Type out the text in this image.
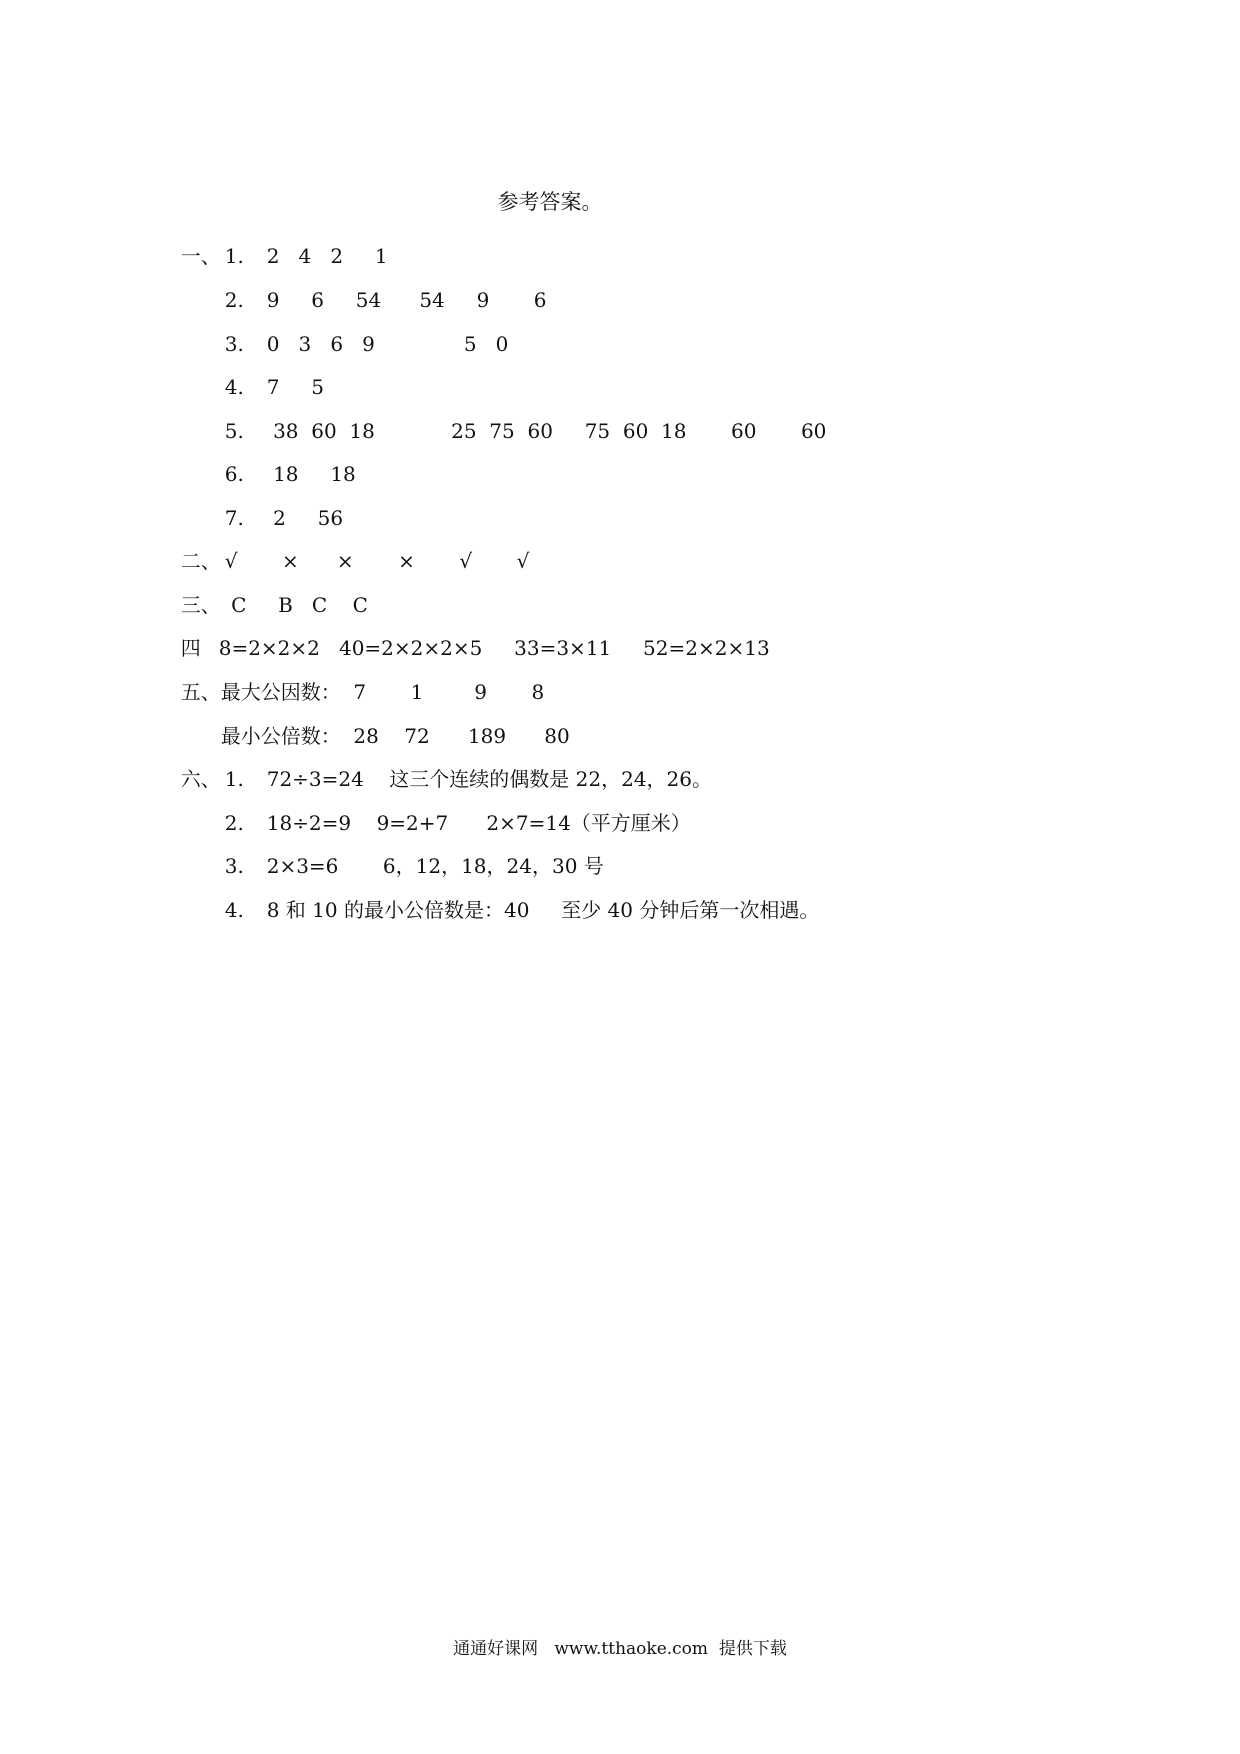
参考答案。

一、 1. 2   4   2     1

2. 9     6     54      54     9       6

3. 0   3   6   9              5   0

4. 7     5

5. 38  60  18            25  75  60     75  60  18       60       60

6. 18     18

7. 2     56

二、 √       ×      ×       ×       √       √

三、 C     B   C    C

四 8=2×2×2   40=2×2×2×5     33=3×11     52=2×2×13

五、最大公因数：  7       1        9       8

最小公倍数：  28    72      189      80

六、 1. 72÷3=24    这三个连续的偶数是 22，24，26。

2. 18÷2=9    9=2+7      2×7=14（平方厘米）

3. 2×3=6       6，12，18，24，30 号

4. 8 和 10 的最小公倍数是：40     至少 40 分钟后第一次相遇。

通通好课网   www.tthaoke.com  提供下载
